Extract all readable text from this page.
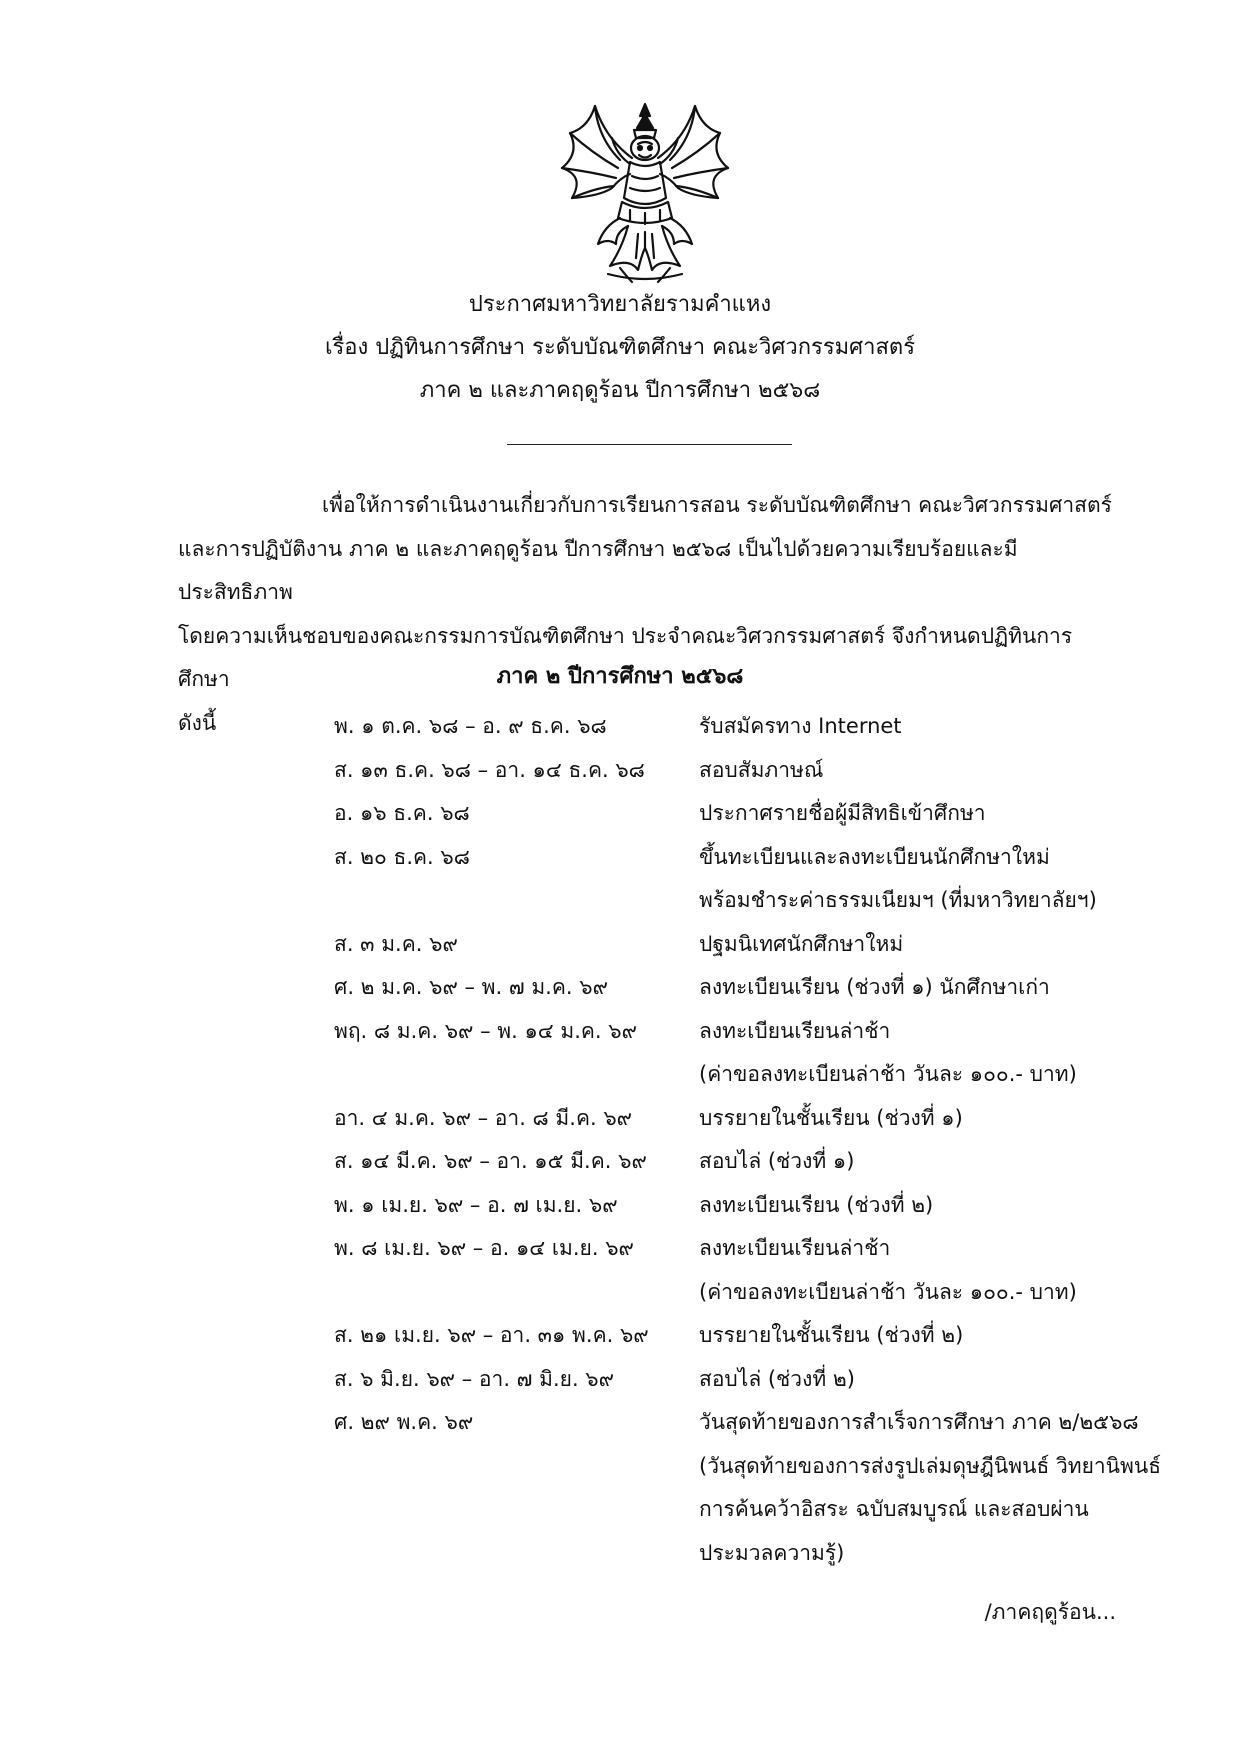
ประกาศมหาวิทยาลัยรามคำแหง
เรื่อง ปฏิทินการศึกษา ระดับบัณฑิตศึกษา คณะวิศวกรรมศาสตร์
ภาค ๒ และภาคฤดูร้อน ปีการศึกษา ๒๕๖๘
เพื่อให้การดำเนินงานเกี่ยวกับการเรียนการสอน ระดับบัณฑิตศึกษา คณะวิศวกรรมศาสตร์
และการปฏิบัติงาน ภาค ๒ และภาคฤดูร้อน ปีการศึกษา ๒๕๖๘ เป็นไปด้วยความเรียบร้อยและมีประสิทธิภาพ
โดยความเห็นชอบของคณะกรรมการบัณฑิตศึกษา ประจำคณะวิศวกรรมศาสตร์ จึงกำหนดปฏิทินการศึกษา
ดังนี้
ภาค ๒ ปีการศึกษา ๒๕๖๘
พ. ๑ ต.ค. ๖๘ – อ. ๙ ธ.ค. ๖๘	รับสมัครทาง Internet
ส. ๑๓ ธ.ค. ๖๘ – อา. ๑๔ ธ.ค. ๖๘	สอบสัมภาษณ์
อ. ๑๖ ธ.ค. ๖๘	ประกาศรายชื่อผู้มีสิทธิเข้าศึกษา
ส. ๒๐ ธ.ค. ๖๘	ขึ้นทะเบียนและลงทะเบียนนักศึกษาใหม่
พร้อมชำระค่าธรรมเนียมฯ (ที่มหาวิทยาลัยฯ)
ส. ๓ ม.ค. ๖๙	ปฐมนิเทศนักศึกษาใหม่
ศ. ๒ ม.ค. ๖๙ – พ. ๗ ม.ค. ๖๙	ลงทะเบียนเรียน (ช่วงที่ ๑) นักศึกษาเก่า
พฤ. ๘ ม.ค. ๖๙ – พ. ๑๔ ม.ค. ๖๙	ลงทะเบียนเรียนล่าช้า
(ค่าขอลงทะเบียนล่าช้า วันละ ๑๐๐.- บาท)
อา. ๔ ม.ค. ๖๙ – อา. ๘ มี.ค. ๖๙	บรรยายในชั้นเรียน (ช่วงที่ ๑)
ส. ๑๔ มี.ค. ๖๙ – อา. ๑๕ มี.ค. ๖๙	สอบไล่ (ช่วงที่ ๑)
พ. ๑ เม.ย. ๖๙ – อ. ๗ เม.ย. ๖๙	ลงทะเบียนเรียน (ช่วงที่ ๒)
พ. ๘ เม.ย. ๖๙ – อ. ๑๔ เม.ย. ๖๙	ลงทะเบียนเรียนล่าช้า
(ค่าขอลงทะเบียนล่าช้า วันละ ๑๐๐.- บาท)
ส. ๒๑ เม.ย. ๖๙ – อา. ๓๑ พ.ค. ๖๙	บรรยายในชั้นเรียน (ช่วงที่ ๒)
ส. ๖ มิ.ย. ๖๙ – อา. ๗ มิ.ย. ๖๙	สอบไล่ (ช่วงที่ ๒)
ศ. ๒๙ พ.ค. ๖๙	วันสุดท้ายของการสำเร็จการศึกษา ภาค ๒/๒๕๖๘
(วันสุดท้ายของการส่งรูปเล่มดุษฎีนิพนธ์ วิทยานิพนธ์
การค้นคว้าอิสระ ฉบับสมบูรณ์ และสอบผ่าน
ประมวลความรู้)
/ภาคฤดูร้อน...
